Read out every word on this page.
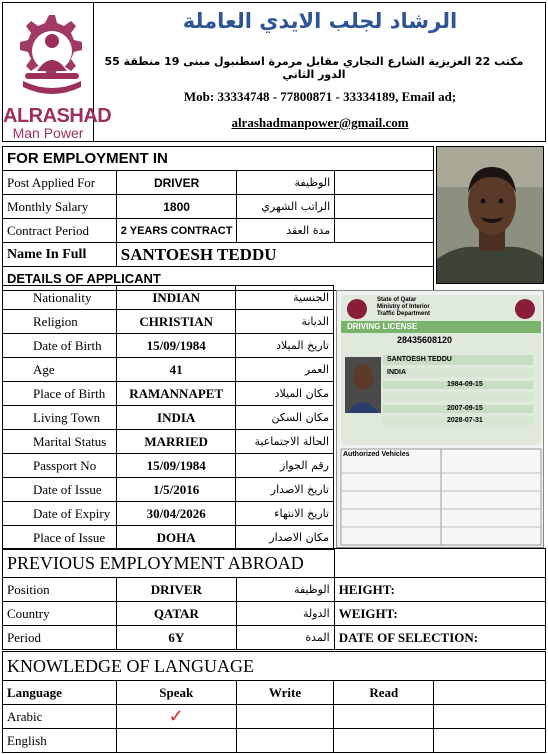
ALRASHAD
Man Power
الرشاد لجلب الايدي العاملة
مكتب 22 العزيزية الشارع التجاري مقابل مرمرة اسطنبول مبنى 19 منطقة 55 الدور الثاني
Mob: 33334748 - 77800871 - 33334189, Email ad;
alrashadmanpower@gmail.com
FOR EMPLOYMENT IN			
Post Applied For	DRIVER	الوظيفة	
Monthly Salary	1800	الراتب الشهري	
Contract Period	2 YEARS CONTRACT	مدة العقد	
Name In Full	SANTOESH TEDDU		
DETAILS OF APPLICANT			
Nationality	INDIAN	الجنسية
Religion	CHRISTIAN	الديانة
Date of Birth	15/09/1984	تاريخ الميلاد
Age	41	العمر
Place of Birth	RAMANNAPET	مكان الميلاد
Living Town	INDIA	مكان السكن
Marital Status	MARRIED	الحالة الاجتماعية
Passport No	15/09/1984	رقم الجواز
Date of Issue	1/5/2016	تاريخ الاصدار
Date of Expiry	30/04/2026	تاريخ الانتهاء
Place of Issue	DOHA	مكان الاصدار
State of Qatar
Ministry of Interior
Traffic Department
DRIVING LICENSE
28435608120
SANTOESH TEDDU
INDIA
1984-09-15
2007-09-15
2028-07-31
Authorized Vehicles
PREVIOUS EMPLOYMENT ABROAD			
Position	DRIVER	الوظيفة	HEIGHT:
Country	QATAR	الدولة	WEIGHT:
Period	6Y	المدة	DATE OF SELECTION:
KNOWLEDGE OF LANGUAGE				
Language	Speak	Write	Read	
Arabic	✓			
English				
